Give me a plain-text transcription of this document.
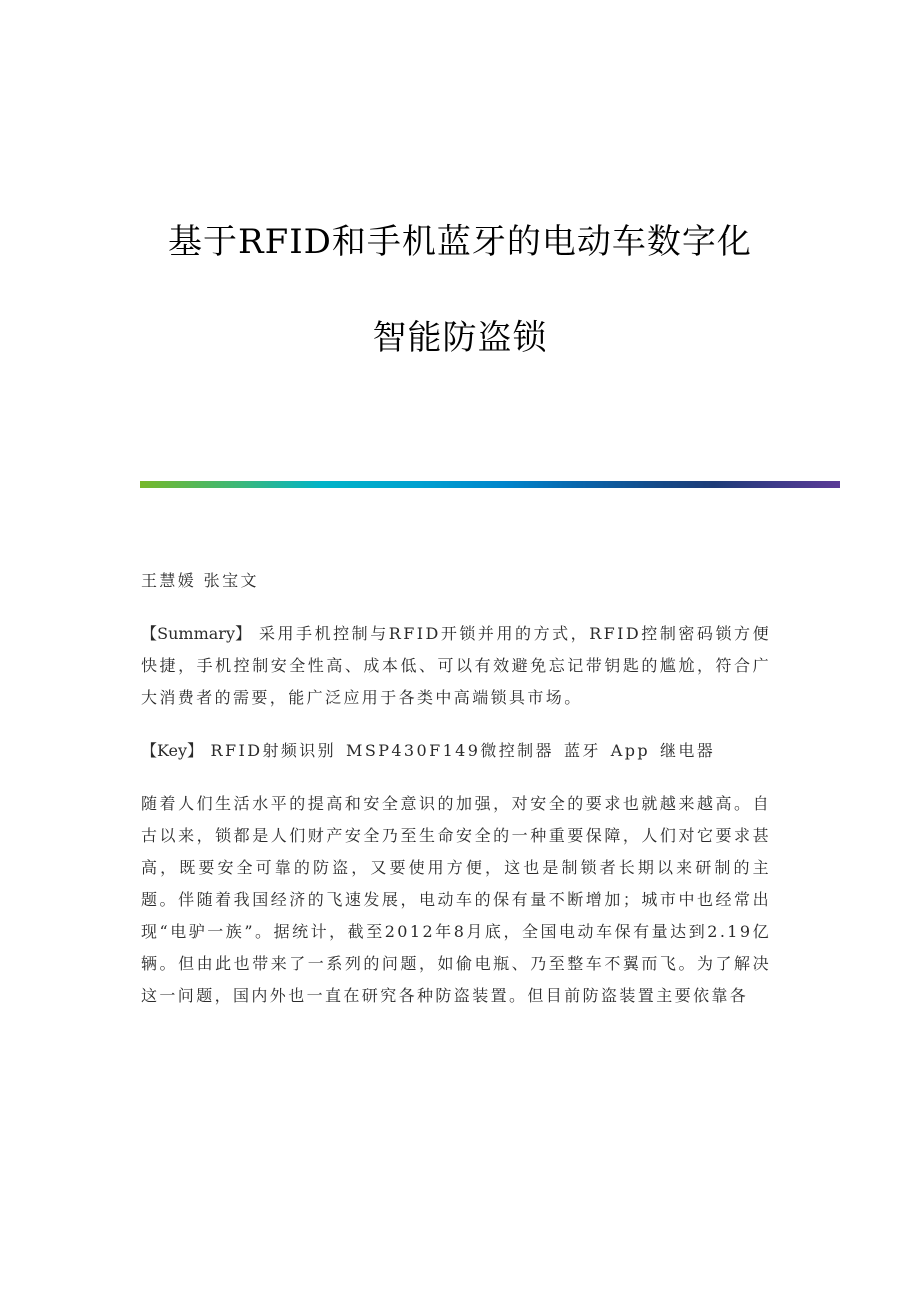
基于RFID和手机蓝牙的电动车数字化
智能防盗锁

王慧媛 张宝文

【Summary】 采用手机控制与RFID开锁并用的方式，RFID控制密码锁方便快捷，手机控制安全性高、成本低、可以有效避免忘记带钥匙的尴尬，符合广大消费者的需要，能广泛应用于各类中高端锁具市场。

【Key】 RFID射频识别 MSP430F149微控制器 蓝牙 App 继电器

随着人们生活水平的提高和安全意识的加强，对安全的要求也就越来越高。自古以来，锁都是人们财产安全乃至生命安全的一种重要保障，人们对它要求甚高，既要安全可靠的防盗，又要使用方便，这也是制锁者长期以来研制的主题。伴随着我国经济的飞速发展，电动车的保有量不断增加；城市中也经常出现“电驴一族”。据统计，截至2012年8月底，全国电动车保有量达到2.19亿辆。但由此也带来了一系列的问题，如偷电瓶、乃至整车不翼而飞。为了解决这一问题，国内外也一直在研究各种防盗装置。但目前防盗装置主要依靠各
